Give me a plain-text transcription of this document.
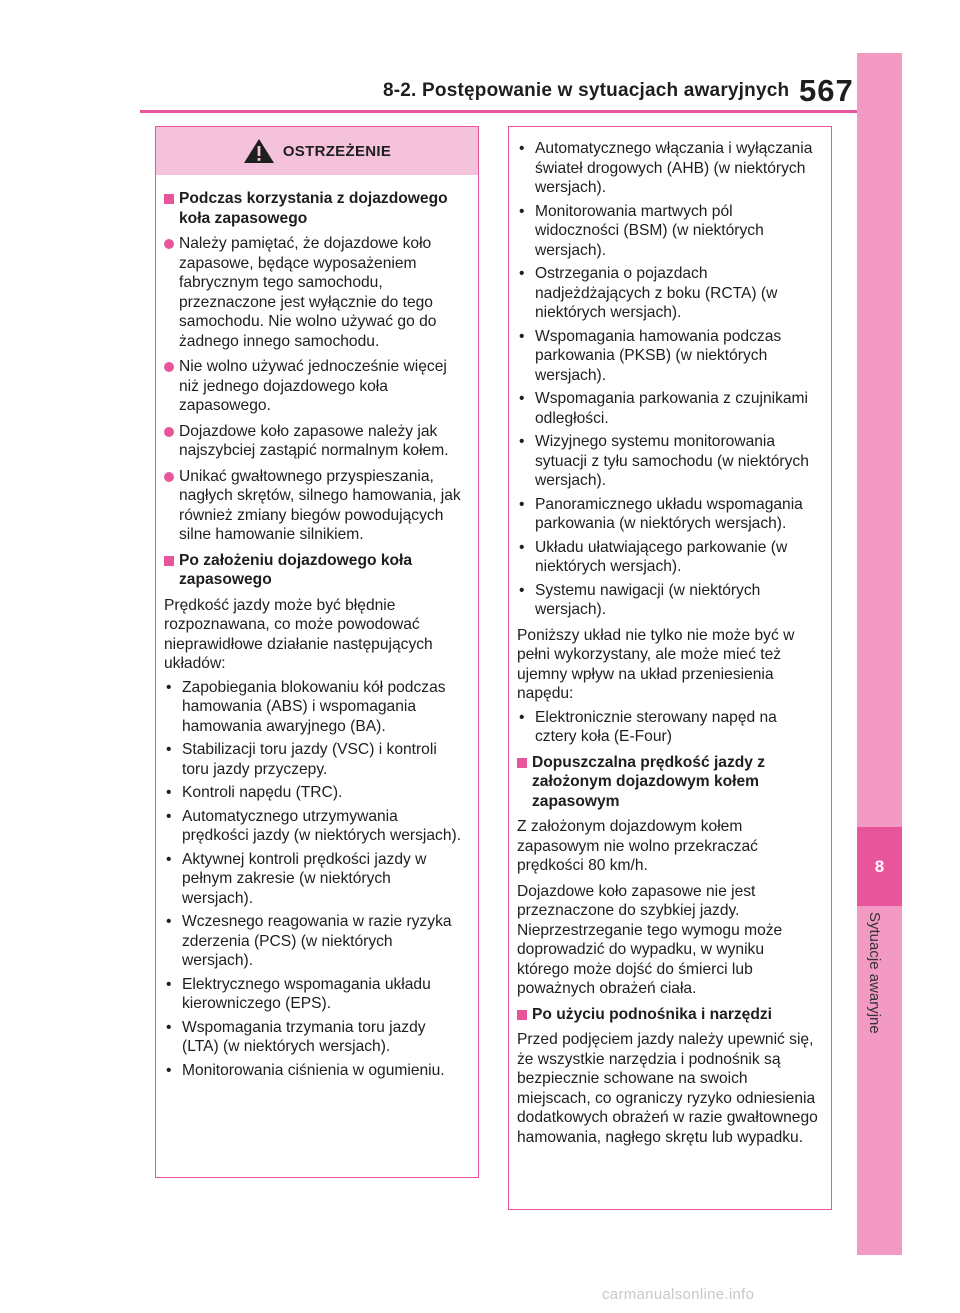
8-2. Postępowanie w sytuacjach awaryjnych 567
8
Sytuacje awaryjne
OSTRZEŻENIE
Podczas korzystania z dojazdowego koła zapasowego
Należy pamiętać, że dojazdowe koło zapasowe, będące wyposażeniem fabrycznym tego samochodu, przeznaczone jest wyłącznie do tego samochodu. Nie wolno używać go do żadnego innego samochodu.
Nie wolno używać jednocześnie więcej niż jednego dojazdowego koła zapasowego.
Dojazdowe koło zapasowe należy jak najszybciej zastąpić normalnym kołem.
Unikać gwałtownego przyspieszania, nagłych skrętów, silnego hamowania, jak również zmiany biegów powodujących silne hamowanie silnikiem.
Po założeniu dojazdowego koła zapasowego
Prędkość jazdy może być błędnie rozpoznawana, co może powodować nieprawidłowe działanie następujących układów:
• Zapobiegania blokowaniu kół podczas hamowania (ABS) i wspomagania hamowania awaryjnego (BA).
• Stabilizacji toru jazdy (VSC) i kontroli toru jazdy przyczepy.
• Kontroli napędu (TRC).
• Automatycznego utrzymywania prędkości jazdy (w niektórych wersjach).
• Aktywnej kontroli prędkości jazdy w pełnym zakresie (w niektórych wersjach).
• Wczesnego reagowania w razie ryzyka zderzenia (PCS) (w niektórych wersjach).
• Elektrycznego wspomagania układu kierowniczego (EPS).
• Wspomagania trzymania toru jazdy (LTA) (w niektórych wersjach).
• Monitorowania ciśnienia w ogumieniu.
• Automatycznego włączania i wyłączania świateł drogowych (AHB) (w niektórych wersjach).
• Monitorowania martwych pól widoczności (BSM) (w niektórych wersjach).
• Ostrzegania o pojazdach nadjeżdżających z boku (RCTA) (w niektórych wersjach).
• Wspomagania hamowania podczas parkowania (PKSB) (w niektórych wersjach).
• Wspomagania parkowania z czujnikami odległości.
• Wizyjnego systemu monitorowania sytuacji z tyłu samochodu (w niektórych wersjach).
• Panoramicznego układu wspomagania parkowania (w niektórych wersjach).
• Układu ułatwiającego parkowanie (w niektórych wersjach).
• Systemu nawigacji (w niektórych wersjach).
Poniższy układ nie tylko nie może być w pełni wykorzystany, ale może mieć też ujemny wpływ na układ przeniesienia napędu:
• Elektronicznie sterowany napęd na cztery koła (E-Four)
Dopuszczalna prędkość jazdy z założonym dojazdowym kołem zapasowym
Z założonym dojazdowym kołem zapasowym nie wolno przekraczać prędkości 80 km/h.
Dojazdowe koło zapasowe nie jest przeznaczone do szybkiej jazdy. Nieprzestrzeganie tego wymogu może doprowadzić do wypadku, w wyniku którego może dojść do śmierci lub poważnych obrażeń ciała.
Po użyciu podnośnika i narzędzi
Przed podjęciem jazdy należy upewnić się, że wszystkie narzędzia i podnośnik są bezpiecznie schowane na swoich miejscach, co ograniczy ryzyko odniesienia dodatkowych obrażeń w razie gwałtownego hamowania, nagłego skrętu lub wypadku.
carmanualsonline.info
